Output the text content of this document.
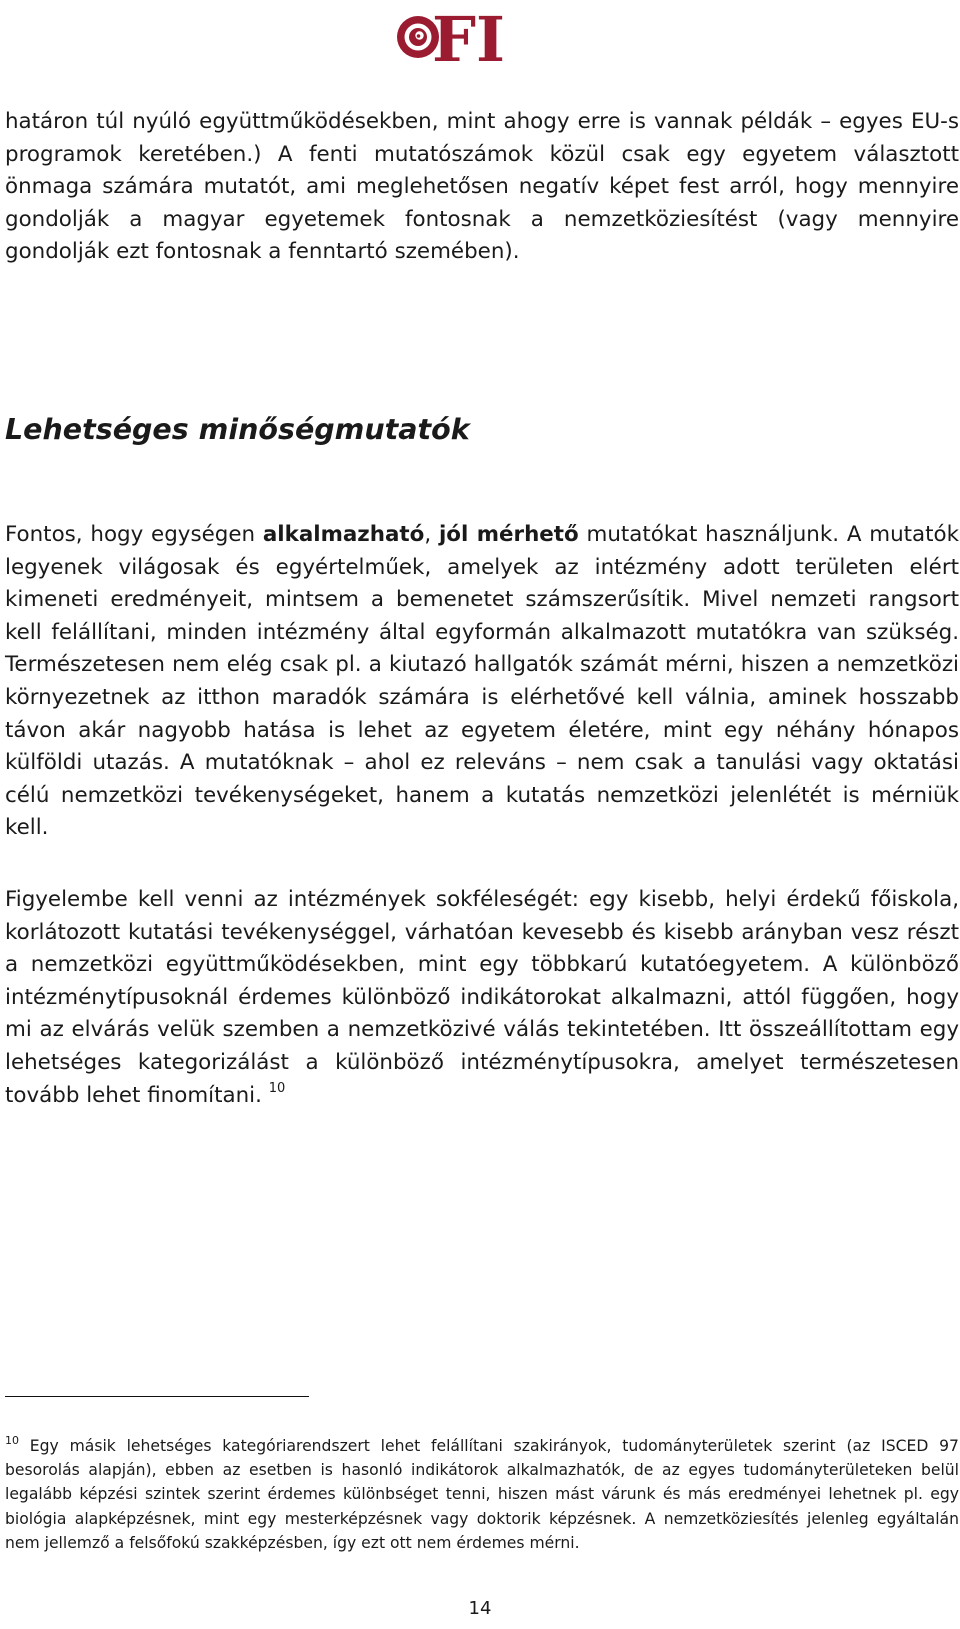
FI

határon túl nyúló együttműködésekben, mint ahogy erre is vannak példák – egyes EU-s programok keretében.) A fenti mutatószámok közül csak egy egyetem választott önmaga számára mutatót, ami meglehetősen negatív képet fest arról, hogy mennyire gondolják a magyar egyetemek fontosnak a nemzetköziesítést (vagy mennyire gondolják ezt fontosnak a fenntartó szemében).

Lehetséges minőségmutatók

Fontos, hogy egységen alkalmazható, jól mérhető mutatókat használjunk. A mutatók legyenek világosak és egyértelműek, amelyek az intézmény adott területen elért kimeneti eredményeit, mintsem a bemenetet számszerűsítik. Mivel nemzeti rangsort kell felállítani, minden intézmény által egyformán alkalmazott mutatókra van szükség. Természetesen nem elég csak pl. a kiutazó hallgatók számát mérni, hiszen a nemzetközi környezetnek az itthon maradók számára is elérhetővé kell válnia, aminek hosszabb távon akár nagyobb hatása is lehet az egyetem életére, mint egy néhány hónapos külföldi utazás. A mutatóknak – ahol ez releváns – nem csak a tanulási vagy oktatási célú nemzetközi tevékenységeket, hanem a kutatás nemzetközi jelenlétét is mérniük kell.

Figyelembe kell venni az intézmények sokféleségét: egy kisebb, helyi érdekű főiskola, korlátozott kutatási tevékenységgel, várhatóan kevesebb és kisebb arányban vesz részt a nemzetközi együttműködésekben, mint egy többkarú kutatóegyetem. A különböző intézménytípusoknál érdemes különböző indikátorokat alkalmazni, attól függően, hogy mi az elvárás velük szemben a nemzetközivé válás tekintetében. Itt összeállítottam egy lehetséges kategorizálást a különböző intézménytípusokra, amelyet természetesen tovább lehet finomítani. $^{10}$

$^{10}$ Egy másik lehetséges kategóriarendszert lehet felállítani szakirányok, tudományterületek szerint (az ISCED 97 besorolás alapján), ebben az esetben is hasonló indikátorok alkalmazhatók, de az egyes tudományterületeken belül legalább képzési szintek szerint érdemes különbséget tenni, hiszen mást várunk és más eredményei lehetnek pl. egy biológia alapképzésnek, mint egy mesterképzésnek vagy doktorik képzésnek. A nemzetköziesítés jelenleg egyáltalán nem jellemző a felsőfokú szakképzésben, így ezt ott nem érdemes mérni.

14
